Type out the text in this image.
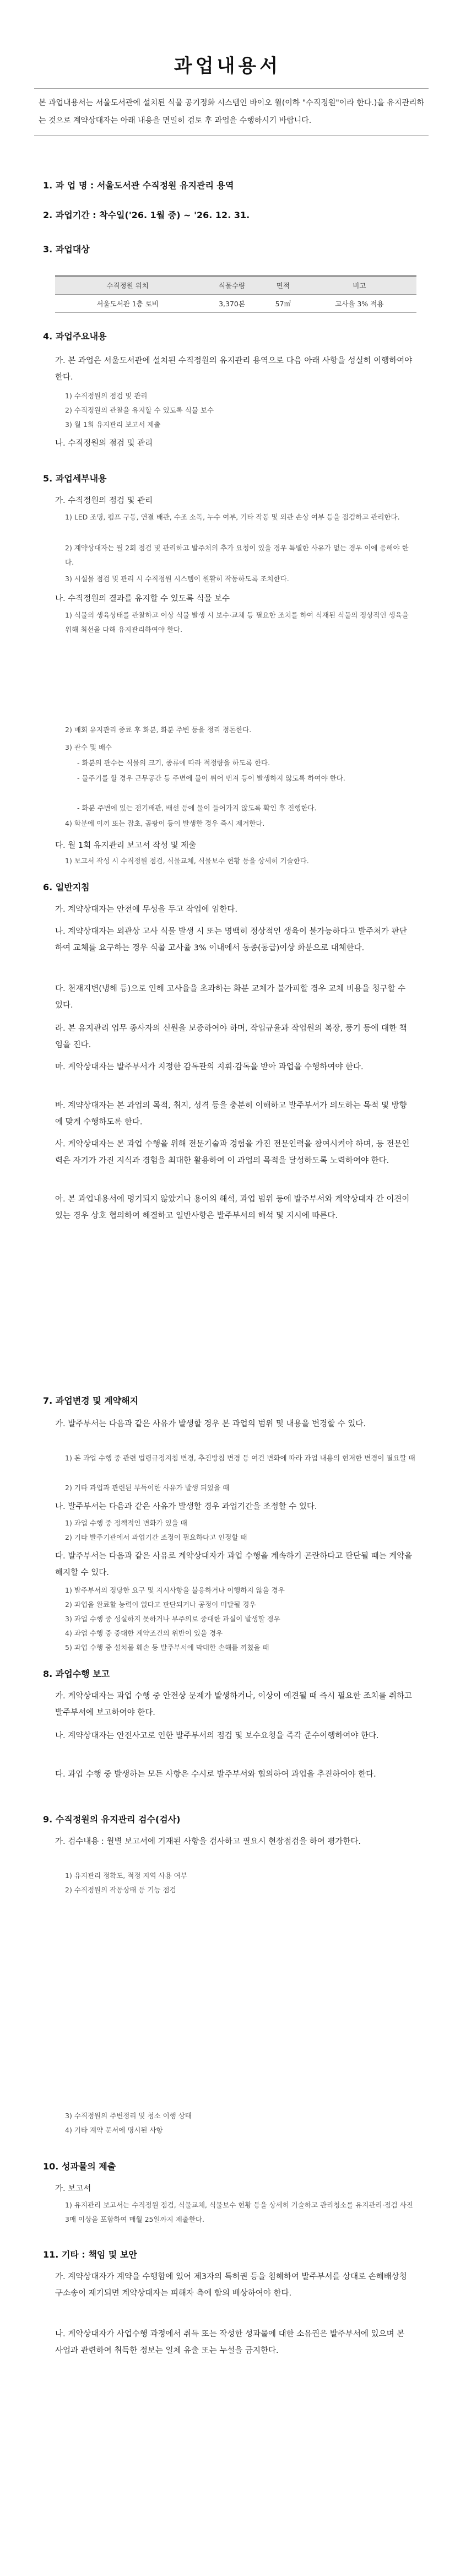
과업내용서
본 과업내용서는 서울도서관에 설치된 식물 공기정화 시스템인 바이오 월(이하 "수직정원"이라 한다.)을 유지관리하는 것으로 계약상대자는 아래 내용을 면밀히 검토 후 과업을 수행하시기 바랍니다.
1. 과 업 명 : 서울도서관 수직정원 유지관리 용역
2. 과업기간 : 착수일('26. 1월 중) ~ '26. 12. 31.
3. 과업대상
수직정원 위치	식물수량	면적	비고
서울도서관 1층 로비	3,370본	57㎡	고사율 3% 적용
4. 과업주요내용
가. 본 과업은 서울도서관에 설치된 수직정원의 유지관리 용역으로 다음 아래 사항을 성실히 이행하여야 한다.
1) 수직정원의 점검 및 관리
2) 수직정원의 관찰을 유지할 수 있도록 식물 보수
3) 월 1회 유지관리 보고서 제출
나. 수직정원의 점검 및 관리
5. 과업세부내용
가. 수직정원의 점검 및 관리
1) LED 조명, 펌프 구동, 연결 배관, 수조 소독, 누수 여부, 기타 작동 및 외관 손상 여부 등을 점검하고 관리한다.
2) 계약상대자는 월 2회 점검 및 관리하고 발주처의 추가 요청이 있을 경우 특별한 사유가 없는 경우 이에 응해야 한다.
3) 시설물 점검 및 관리 시 수직정원 시스템이 원활히 작동하도록 조치한다.
나. 수직정원의 결과를 유지할 수 있도록 식물 보수
1) 식물의 생육상태를 관찰하고 이상 식물 발생 시 보수·교체 등 필요한 조치를 하여 식재된 식물의 정상적인 생육을 위해 최선을 다해 유지관리하여야 한다.
2) 매회 유지관리 종료 후 화분, 화분 주변 등을 정리 정돈한다.
3) 관수 및 배수
- 화분의 관수는 식물의 크기, 종류에 따라 적정량을 하도록 한다.
- 물주기를 할 경우 근무공간 등 주변에 물이 튀어 번져 등이 발생하지 않도록 하여야 한다.
- 화분 주변에 있는 전기배관, 배선 등에 물이 들어가지 않도록 확인 후 진행한다.
4) 화분에 이끼 또는 잡초, 곰팡이 등이 발생한 경우 즉시 제거한다.
다. 월 1회 유지관리 보고서 작성 및 제출
1) 보고서 작성 시 수직정원 점검, 식물교체, 식물보수 현황 등을 상세히 기술한다.
6. 일반지침
가. 계약상대자는 안전에 무성을 두고 작업에 임한다.
나. 계약상대자는 외관상 고사 식물 발생 시 또는 명백히 정상적인 생육이 불가능하다고 발주처가 판단하여 교체를 요구하는 경우 식물 고사율 3% 이내에서 동종(동급)이상 화분으로 대체한다.
다. 천재지변(냉해 등)으로 인해 고사율을 초과하는 화분 교체가 불가피할 경우 교체 비용을 청구할 수 있다.
라. 본 유지관리 업무 종사자의 신원을 보증하여야 하며, 작업규율과 작업원의 복장, 풍기 등에 대한 책임을 진다.
마. 계약상대자는 발주부서가 지정한 감독관의 지휘·감독을 받아 과업을 수행하여야 한다.
바. 계약상대자는 본 과업의 목적, 취지, 성격 등을 충분히 이해하고 발주부서가 의도하는 목적 및 방향에 맞게 수행하도록 한다.
사. 계약상대자는 본 과업 수행을 위해 전문기술과 경험을 가진 전문인력을 참여시켜야 하며, 등 전문인력은 자기가 가진 지식과 경험을 최대한 활용하여 이 과업의 목적을 달성하도록 노력하여야 한다.
아. 본 과업내용서에 명기되지 않았거나 용어의 해석, 과업 범위 등에 발주부서와 계약상대자 간 이견이 있는 경우 상호 협의하여 해결하고 일반사항은 발주부서의 해석 및 지시에 따른다.
7. 과업변경 및 계약해지
가. 발주부서는 다음과 같은 사유가 발생할 경우 본 과업의 범위 및 내용을 변경할 수 있다.
1) 본 과업 수행 중 관련 법령규정지침 변경, 추진방침 변경 등 여건 변화에 따라 과업 내용의 현저한 변경이 필요할 때
2) 기타 과업과 관련된 부득이한 사유가 발생 되었을 때
나. 발주부서는 다음과 같은 사유가 발생할 경우 과업기간을 조정할 수 있다.
1) 과업 수행 중 정책적인 변화가 있을 때
2) 기타 발주기관에서 과업기간 조정이 필요하다고 인정할 때
다. 발주부서는 다음과 같은 사유로 계약상대자가 과업 수행을 계속하기 곤란하다고 판단될 때는 계약을 해지할 수 있다.
1) 발주부서의 정당한 요구 및 지시사항을 불응하거나 이행하지 않을 경우
2) 과업을 완료할 능력이 없다고 판단되거나 공정이 미달될 경우
3) 과업 수행 중 성실하지 못하거나 부주의로 중대한 과실이 발생할 경우
4) 과업 수행 중 중대한 계약조건의 위반이 있을 경우
5) 과업 수행 중 설치물 훼손 등 발주부서에 막대한 손해를 끼쳤을 때
8. 과업수행 보고
가. 계약상대자는 과업 수행 중 안전상 문제가 발생하거나, 이상이 예견될 때 즉시 필요한 조치를 취하고 발주부서에 보고하여야 한다.
나. 계약상대자는 안전사고로 인한 발주부서의 점검 및 보수요청을 즉각 준수이행하여야 한다.
다. 과업 수행 중 발생하는 모든 사항은 수시로 발주부서와 협의하여 과업을 추진하여야 한다.
9. 수직정원의 유지관리 검수(검사)
가. 검수내용 : 월별 보고서에 기재된 사항을 검사하고 필요시 현장점검을 하여 평가한다.
1) 유지관리 정확도, 적정 지역 사용 여부
2) 수직정원의 작동상태 등 기능 점검
3) 수직정원의 주변정리 및 청소 이행 상태
4) 기타 계약 문서에 명시된 사항
10. 성과물의 제출
가. 보고서
1) 유지관리 보고서는 수직정원 점검, 식물교체, 식물보수 현황 등을 상세히 기술하고 관리청소를 유지관리·점검 사진 3매 이상을 포함하여 매월 25일까지 제출한다.
11. 기타 : 책임 및 보안
가. 계약상대자가 계약을 수행함에 있어 제3자의 특허권 등을 침해하여 발주부서를 상대로 손해배상청구소송이 제기되면 계약상대자는 피해자 측에 함의 배상하여야 한다.
나. 계약상대자가 사업수행 과정에서 취득 또는 작성한 성과물에 대한 소유권은 발주부서에 있으며 본 사업과 관련하여 취득한 정보는 일체 유출 또는 누설을 금지한다.
